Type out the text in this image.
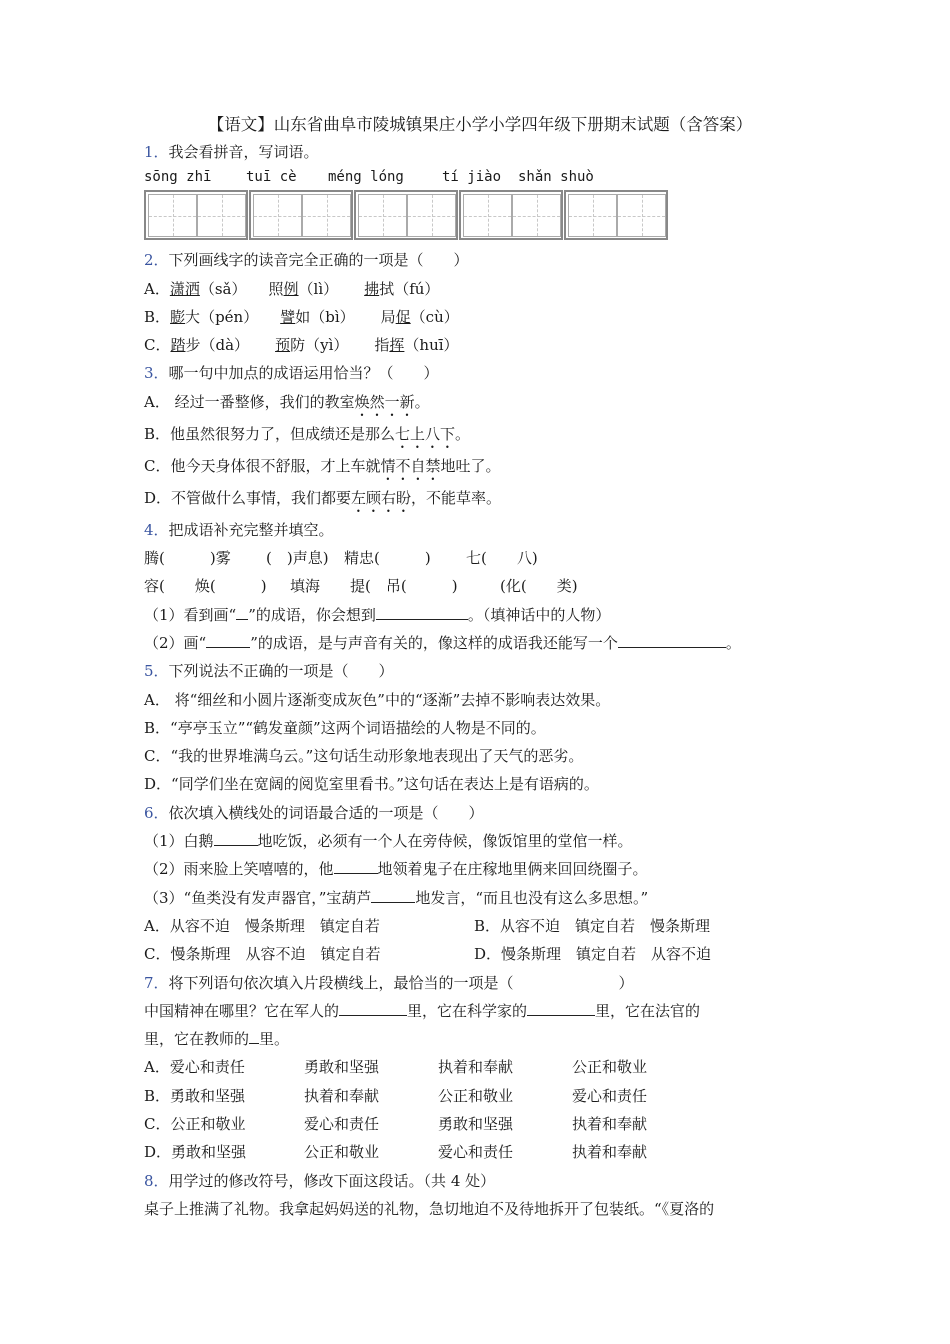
【语文】山东省曲阜市陵城镇果庄小学小学四年级下册期末试题（含答案）
1．我会看拼音，写词语。
sōng zhī tuī cè méng lóng	tí jiào shǎn shuò
2．下列画线字的读音完全正确的一项是（　　）
A．潇洒（sǎ） 照例（lì） 拂拭（fú）
B．膨大（pén） 譬如（bì） 局促（cù）
C．踏步（dà） 预防（yì） 指挥（huī）
3．哪一句中加点的成语运用恰当？（　　）
A． 经过一番整修，我们的教室焕然一新。
B．他虽然很努力了，但成绩还是那么七上八下。
C．他今天身体很不舒服，才上车就情不自禁地吐了。
D．不管做什么事情，我们都要左顾右盼，不能草率。
4．把成语补充完整并填空。
腾(　　　)雾 (　)声息) 精忠(　　　) 七(　　八)
容(　　焕(　　　) 填海 提(　吊(　　　)	(化(　　类)
（1）看到画“ ”的成语，你会想到	。（填神话中的人物）
（2）画“	”的成语，是与声音有关的，像这样的成语我还能写一个	。
5．下列说法不正确的一项是（　　）
A． 将“细丝和小圆片逐渐变成灰色”中的“逐渐”去掉不影响表达效果。
B．“亭亭玉立”“鹤发童颜”这两个词语描绘的人物是不同的。
C．“我的世界堆满乌云。”这句话生动形象地表现出了天气的恶劣。
D．“同学们坐在宽阔的阅览室里看书。”这句话在表达上是有语病的。
6．依次填入横线处的词语最合适的一项是（　　）
（1）白鹅	地吃饭，必须有一个人在旁侍候，像饭馆里的堂倌一样。
（2）雨来脸上笑嘻嘻的，他	地领着鬼子在庄稼地里俩来回回绕圈子。
（3）“鱼类没有发声器官，”宝葫芦	地发言，“而且也没有这么多思想。”
A．从容不迫　慢条斯理　镇定自若	B．从容不迫　镇定自若　慢条斯理
C．慢条斯理　从容不迫　镇定自若	D．慢条斯理　镇定自若　从容不迫
7．将下列语句依次填入片段横线上，最恰当的一项是（　　　　　　　）
中国精神在哪里？它在军人的	里，它在科学家的	里，它在法官的
里，它在教师的 里。
A．爱心和责任	勇敢和坚强	执着和奉献	公正和敬业
B．勇敢和坚强	执着和奉献	公正和敬业	爱心和责任
C．公正和敬业	爱心和责任	勇敢和坚强	执着和奉献
D．勇敢和坚强	公正和敬业	爱心和责任	执着和奉献
8．用学过的修改符号，修改下面这段话。（共 4 处）
桌子上推满了礼物。我拿起妈妈送的礼物，急切地迫不及待地拆开了包装纸。“《夏洛的
